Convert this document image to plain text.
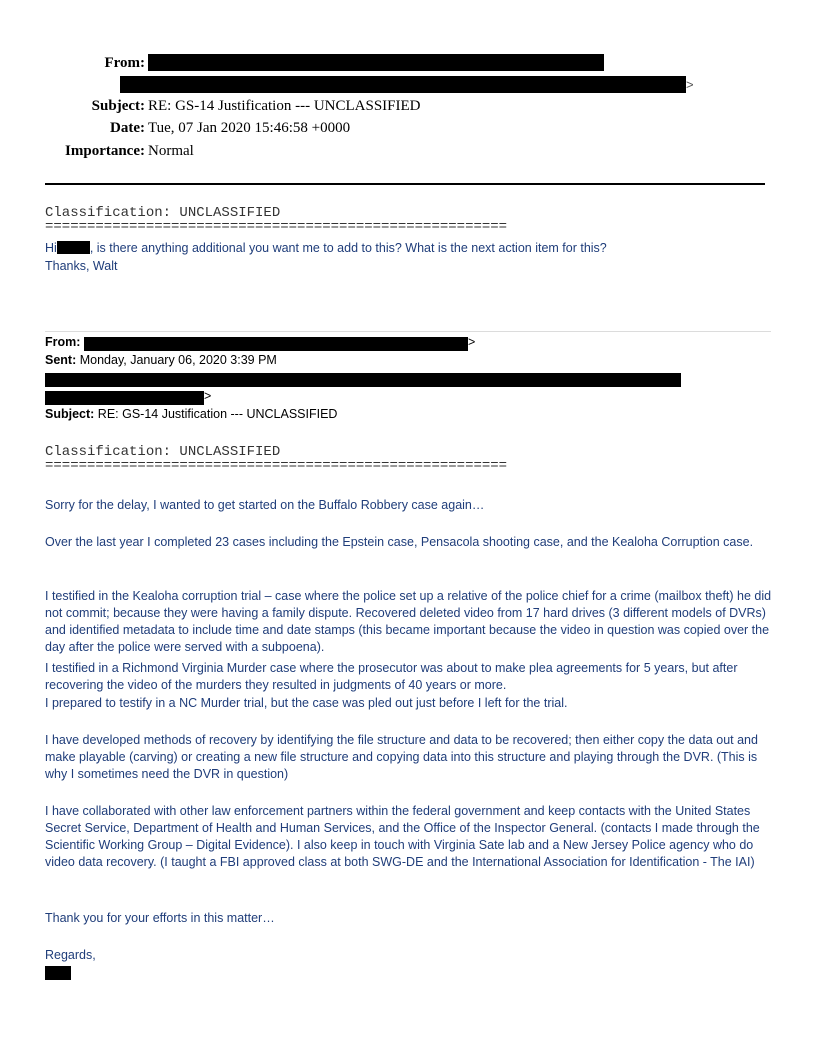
From:
>
Subject: RE: GS-14 Justification --- UNCLASSIFIED
Date: Tue, 07 Jan 2020 15:46:58 +0000
Importance: Normal
Classification: UNCLASSIFIED
=======================================================
Hi	, is there anything additional you want me to add to this? What is the next action item for this?
Thanks, Walt
From:	>
Sent: Monday, January 06, 2020 3:39 PM
>
Subject: RE: GS-14 Justification --- UNCLASSIFIED
Classification: UNCLASSIFIED
=======================================================

Sorry for the delay, I wanted to get started on the Buffalo Robbery case again…

Over the last year I completed 23 cases including the Epstein case, Pensacola shooting case, and the Kealoha Corruption case.

I testified in the Kealoha corruption trial – case where the police set up a relative of the police chief for a crime (mailbox theft) he did not commit; because they were having a family dispute. Recovered deleted video from 17 hard drives (3 different models of DVRs) and identified metadata to include time and date stamps (this became important because the video in question was copied over the day after the police were served with a subpoena).

I testified in a Richmond Virginia Murder case where the prosecutor was about to make plea agreements for 5 years, but after recovering the video of the murders they resulted in judgments of 40 years or more.

I prepared to testify in a NC Murder trial, but the case was pled out just before I left for the trial.

I have developed methods of recovery by identifying the file structure and data to be recovered; then either copy the data out and make playable (carving) or creating a new file structure and copying data into this structure and playing through the DVR. (This is why I sometimes need the DVR in question)

I have collaborated with other law enforcement partners within the federal government and keep contacts with the United States Secret Service, Department of Health and Human Services, and the Office of the Inspector General. (contacts I made through the Scientific Working Group – Digital Evidence). I also keep in touch with Virginia Sate lab and a New Jersey Police agency who do video data recovery. (I taught a FBI approved class at both SWG-DE and the International Association for Identification - The IAI)

Thank you for your efforts in this matter…

Regards,
